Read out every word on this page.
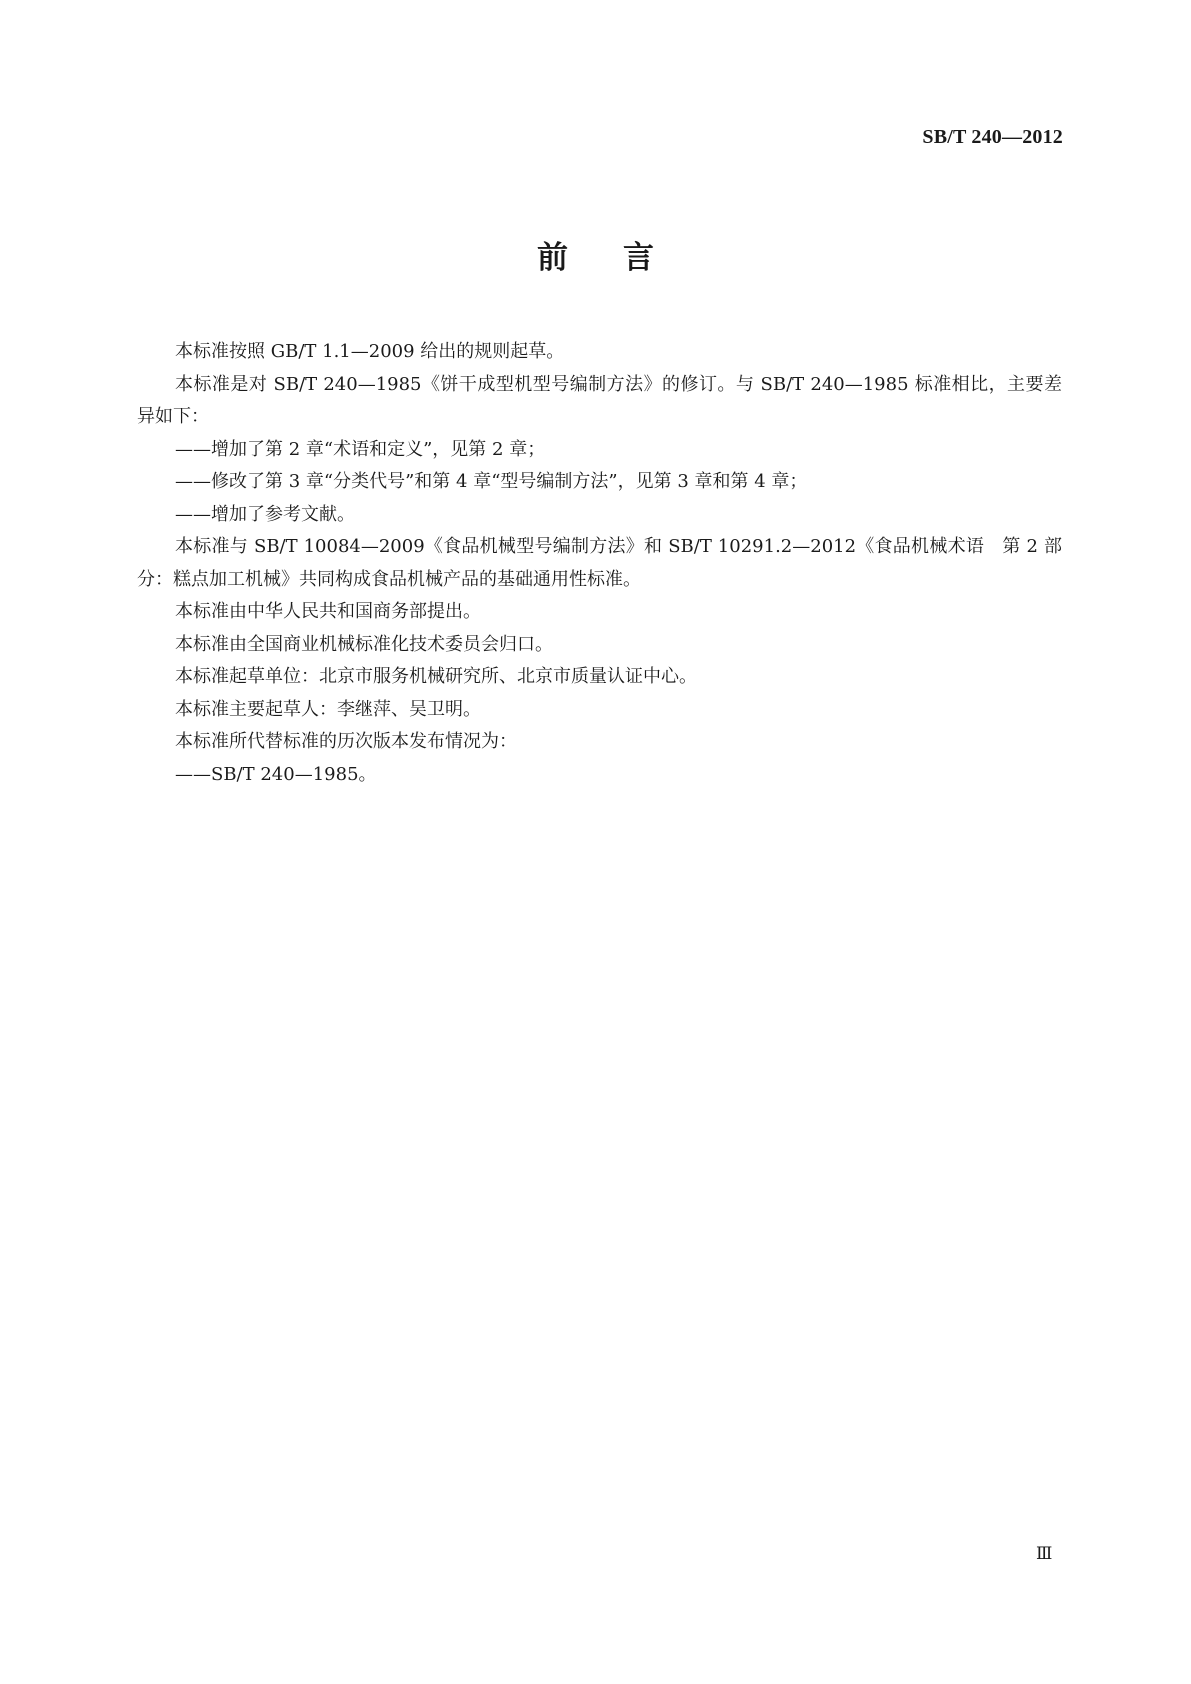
SB/T 240—2012
前言

本标准按照 GB/T 1.1—2009 给出的规则起草。

本标准是对 SB/T 240—1985《饼干成型机型号编制方法》的修订。与 SB/T 240—1985 标准相比，主要差异如下：

——增加了第 2 章“术语和定义”，见第 2 章；

——修改了第 3 章“分类代号”和第 4 章“型号编制方法”，见第 3 章和第 4 章；

——增加了参考文献。

本标准与 SB/T 10084—2009《食品机械型号编制方法》和 SB/T 10291.2—2012《食品机械术语　第 2 部分：糕点加工机械》共同构成食品机械产品的基础通用性标准。

本标准由中华人民共和国商务部提出。

本标准由全国商业机械标准化技术委员会归口。

本标准起草单位：北京市服务机械研究所、北京市质量认证中心。

本标准主要起草人：李继萍、吴卫明。

本标准所代替标准的历次版本发布情况为：

——SB/T 240—1985。

Ⅲ
